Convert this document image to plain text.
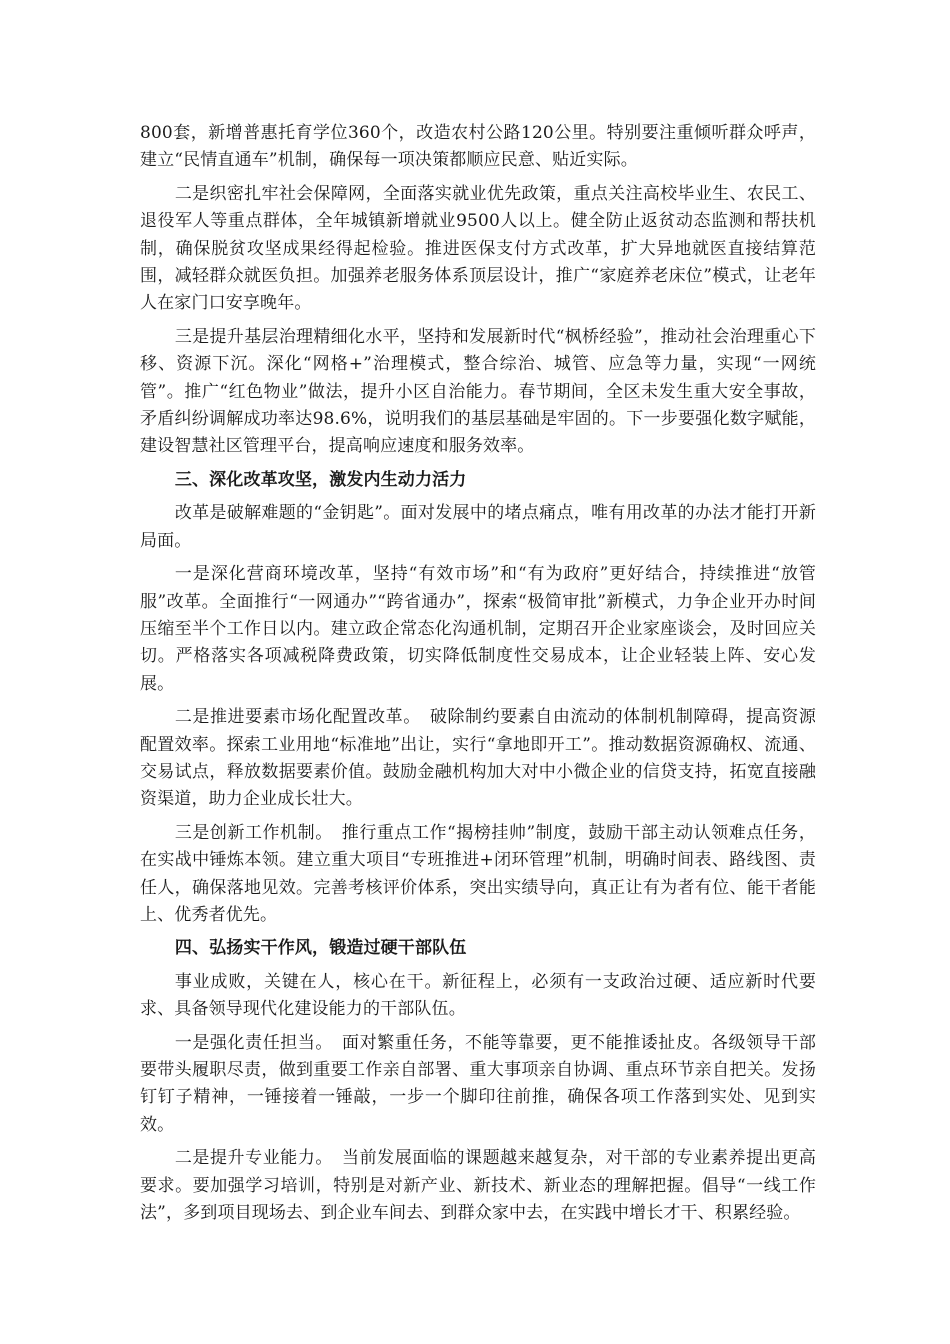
800套，新增普惠托育学位360个，改造农村公路120公里。特别要注重倾听群众呼声，建立“民情直通车”机制，确保每一项决策都顺应民意、贴近实际。

二是织密扎牢社会保障网，全面落实就业优先政策，重点关注高校毕业生、农民工、退役军人等重点群体，全年城镇新增就业9500人以上。健全防止返贫动态监测和帮扶机制，确保脱贫攻坚成果经得起检验。推进医保支付方式改革，扩大异地就医直接结算范围，减轻群众就医负担。加强养老服务体系顶层设计，推广“家庭养老床位”模式，让老年人在家门口安享晚年。

三是提升基层治理精细化水平，坚持和发展新时代“枫桥经验”，推动社会治理重心下移、资源下沉。深化“网格+”治理模式，整合综治、城管、应急等力量，实现“一网统管”。推广“红色物业”做法，提升小区自治能力。春节期间，全区未发生重大安全事故，矛盾纠纷调解成功率达98.6%，说明我们的基层基础是牢固的。下一步要强化数字赋能，建设智慧社区管理平台，提高响应速度和服务效率。

三、深化改革攻坚，激发内生动力活力

改革是破解难题的“金钥匙”。面对发展中的堵点痛点，唯有用改革的办法才能打开新局面。

一是深化营商环境改革，坚持“有效市场”和“有为政府”更好结合，持续推进“放管服”改革。全面推行“一网通办”“跨省通办”，探索“极简审批”新模式，力争企业开办时间压缩至半个工作日以内。建立政企常态化沟通机制，定期召开企业家座谈会，及时回应关切。严格落实各项减税降费政策，切实降低制度性交易成本，让企业轻装上阵、安心发展。

二是推进要素市场化配置改革。　破除制约要素自由流动的体制机制障碍，提高资源配置效率。探索工业用地“标准地”出让，实行“拿地即开工”。推动数据资源确权、流通、交易试点，释放数据要素价值。鼓励金融机构加大对中小微企业的信贷支持，拓宽直接融资渠道，助力企业成长壮大。

三是创新工作机制。　推行重点工作“揭榜挂帅”制度，鼓励干部主动认领难点任务，在实战中锤炼本领。建立重大项目“专班推进+闭环管理”机制，明确时间表、路线图、责任人，确保落地见效。完善考核评价体系，突出实绩导向，真正让有为者有位、能干者能上、优秀者优先。

四、弘扬实干作风，锻造过硬干部队伍

事业成败，关键在人，核心在干。新征程上，必须有一支政治过硬、适应新时代要求、具备领导现代化建设能力的干部队伍。

一是强化责任担当。　面对繁重任务，不能等靠要，更不能推诿扯皮。各级领导干部要带头履职尽责，做到重要工作亲自部署、重大事项亲自协调、重点环节亲自把关。发扬钉钉子精神，一锤接着一锤敲，一步一个脚印往前推，确保各项工作落到实处、见到实效。

二是提升专业能力。　当前发展面临的课题越来越复杂，对干部的专业素养提出更高要求。要加强学习培训，特别是对新产业、新技术、新业态的理解把握。倡导“一线工作法”，多到项目现场去、到企业车间去、到群众家中去，在实践中增长才干、积累经验。
